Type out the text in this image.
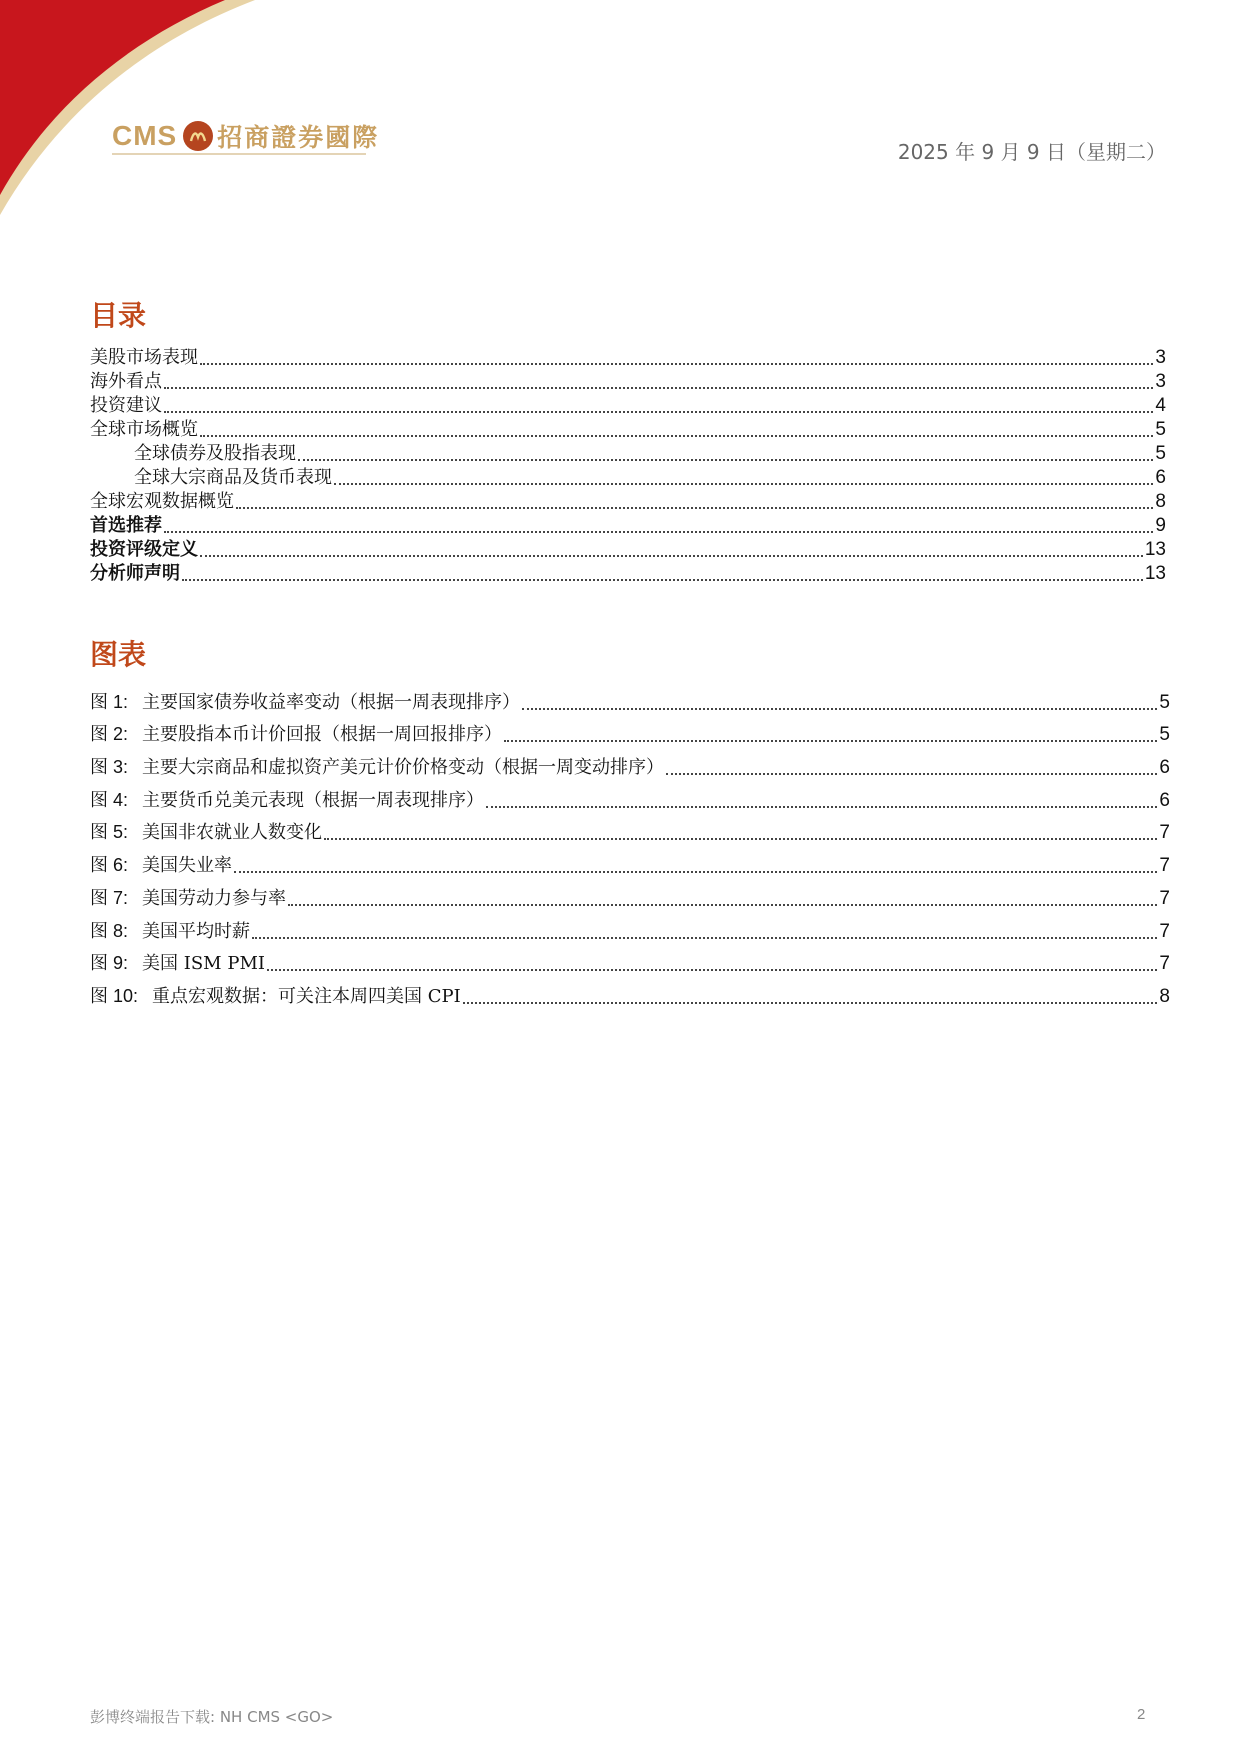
CMS 招商證券國際	2025 年 9 月 9 日（星期二）
目录
美股市场表现	3
海外看点	3
投资建议	4
全球市场概览	5
全球债券及股指表现	5
全球大宗商品及货币表现	6
全球宏观数据概览	8
首选推荐	9
投资评级定义	13
分析师声明	13
图表
图 1: 主要国家债券收益率变动（根据一周表现排序）	5
图 2: 主要股指本币计价回报（根据一周回报排序）	5
图 3: 主要大宗商品和虚拟资产美元计价价格变动（根据一周变动排序）	6
图 4: 主要货币兑美元表现（根据一周表现排序）	6
图 5: 美国非农就业人数变化	7
图 6: 美国失业率	7
图 7: 美国劳动力参与率	7
图 8: 美国平均时薪	7
图 9: 美国 ISM PMI	7
图 10: 重点宏观数据：可关注本周四美国 CPI	8
彭博终端报告下载: NH CMS <GO>	2
